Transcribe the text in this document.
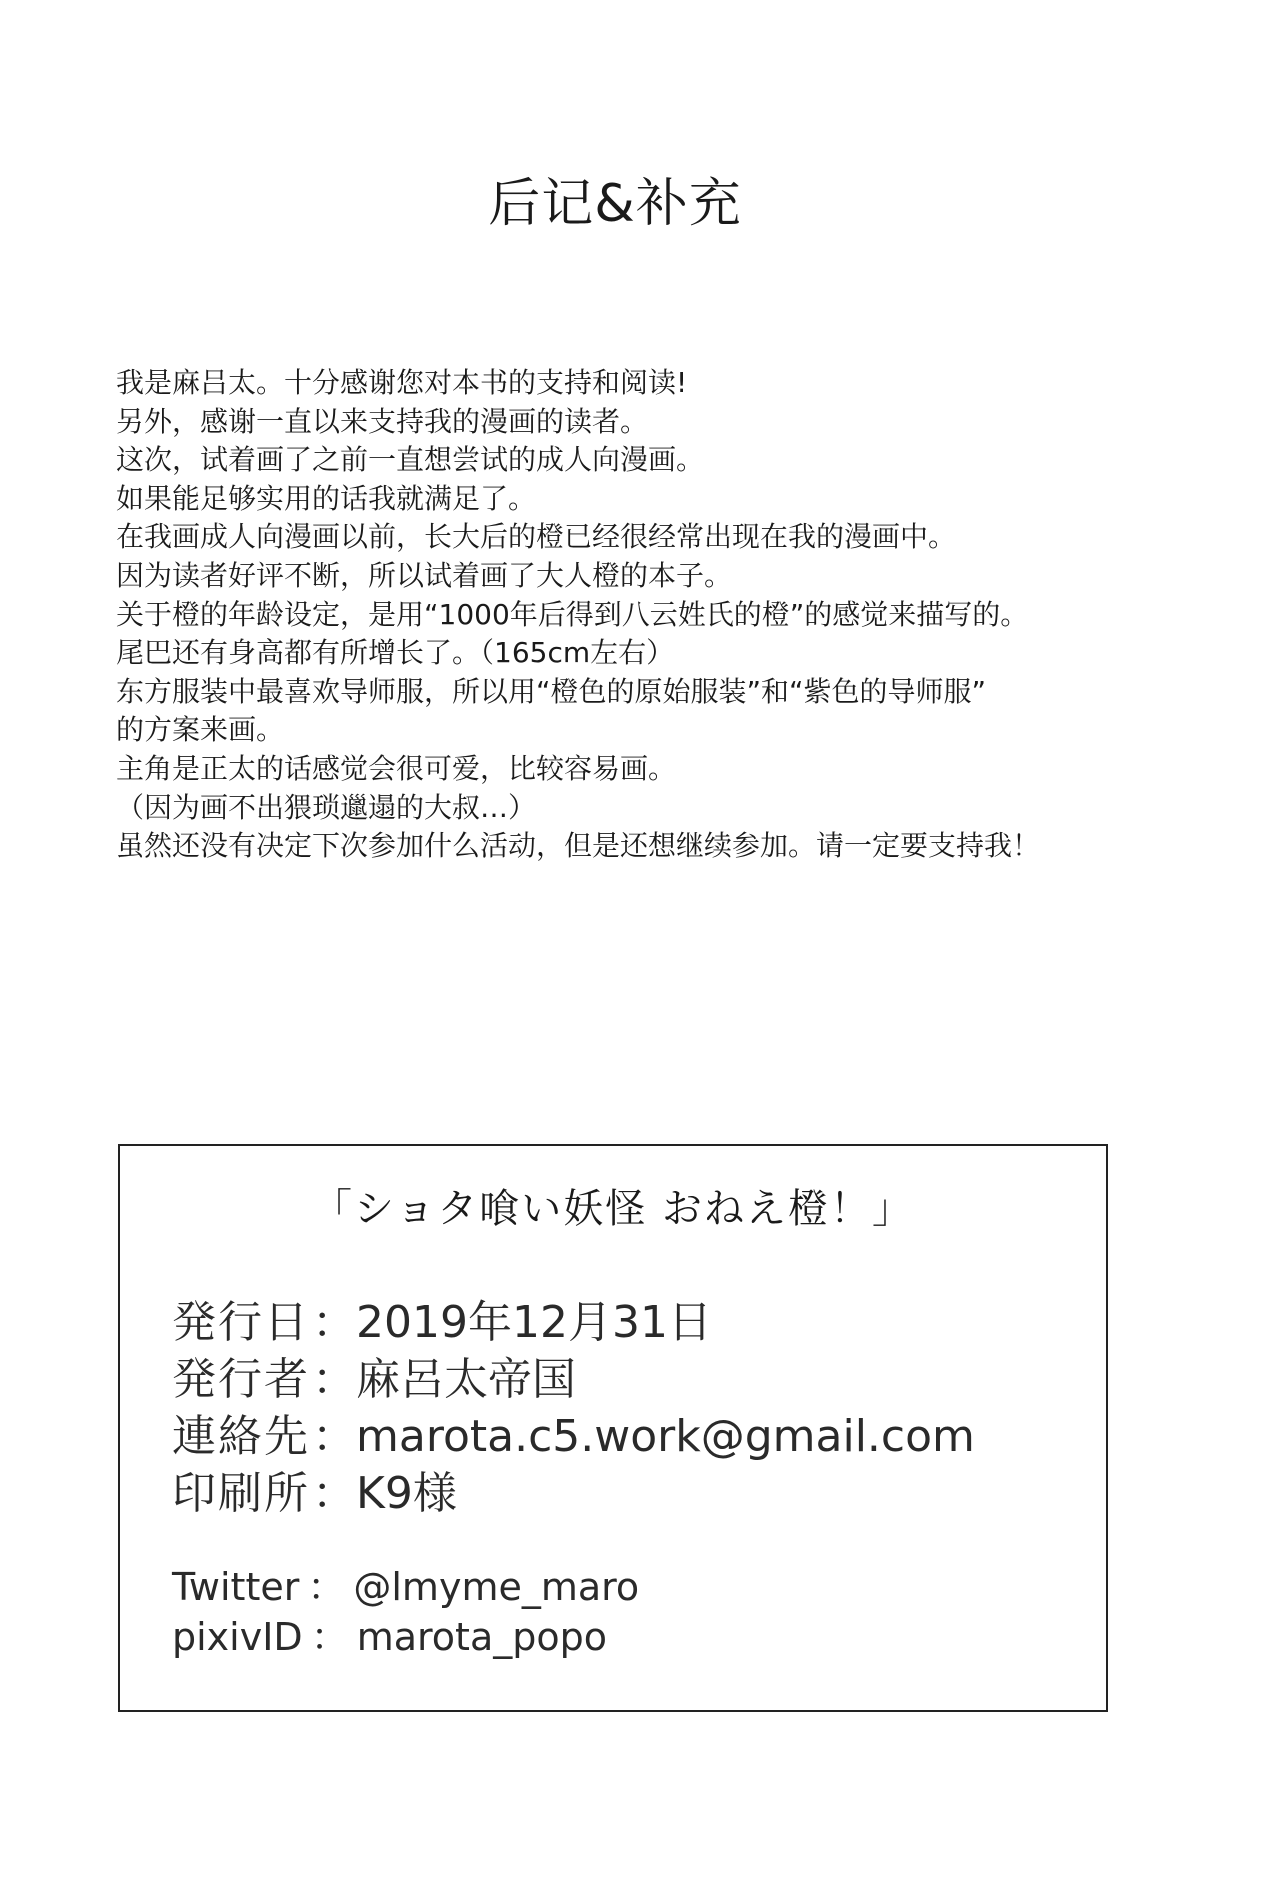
后记&补充
我是麻吕太。十分感谢您对本书的支持和阅读!
另外，感谢一直以来支持我的漫画的读者。
这次，试着画了之前一直想尝试的成人向漫画。
如果能足够实用的话我就满足了。
在我画成人向漫画以前，长大后的橙已经很经常出现在我的漫画中。
因为读者好评不断，所以试着画了大人橙的本子。
关于橙的年龄设定，是用“1000年后得到八云姓氏的橙”的感觉来描写的。
尾巴还有身高都有所增长了。（165cm左右）
东方服装中最喜欢导师服，所以用“橙色的原始服装”和“紫色的导师服”
的方案来画。
主角是正太的话感觉会很可爱，比较容易画。
（因为画不出猥琐邋遢的大叔…）
虽然还没有决定下次参加什么活动，但是还想继续参加。请一定要支持我！
「ショタ喰い妖怪 おねえ橙！」
発行日 ： 2019年12月31日
発行者 ： 麻呂太帝国
連絡先 ： marota.c5.work@gmail.com
印刷所 ： K9様
Twitter ： @lmyme_maro
pixivID ： marota_popo
